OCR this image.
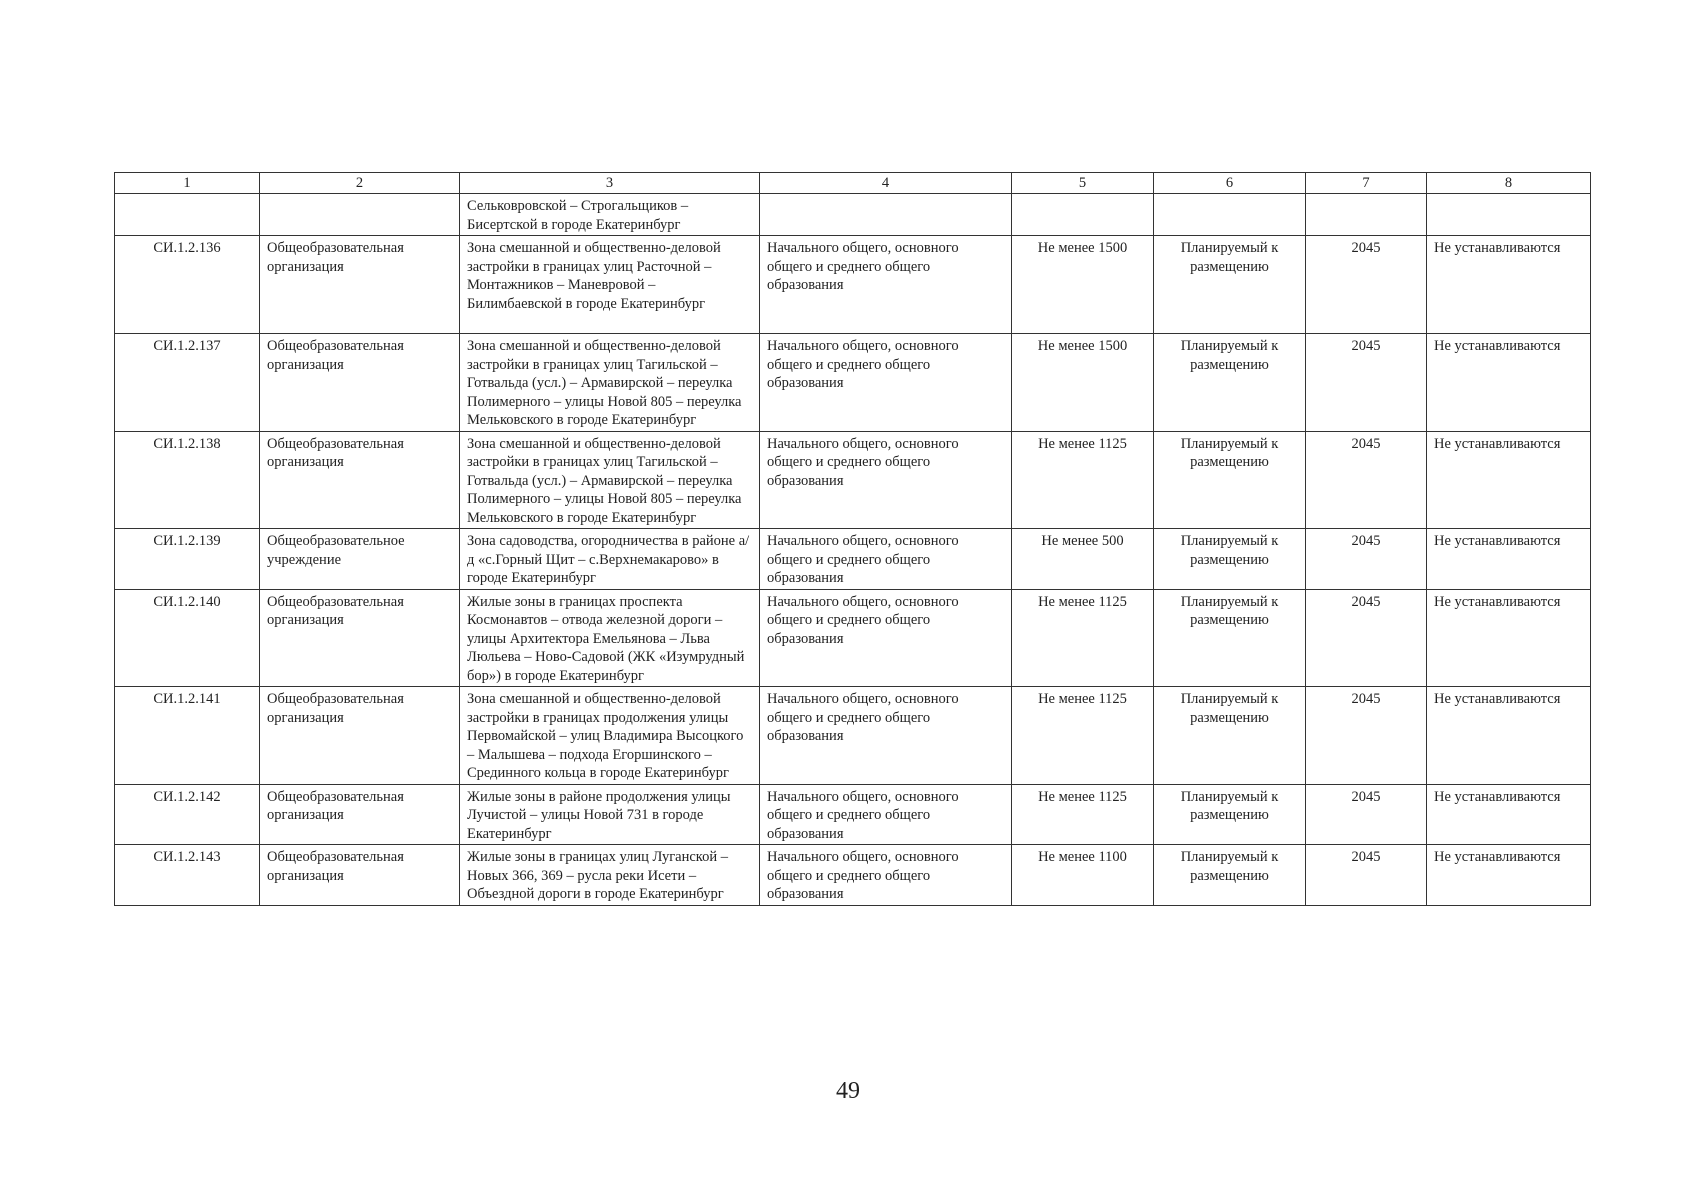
1	2	3	4	5	6	7	8
		Сельковровской – Строгальщиков – Бисертской в городе Екатеринбург					
СИ.1.2.136	Общеобразовательная организация	Зона смешанной и общественно-деловой застройки в границах улиц Расточной – Монтажников – Маневровой – Билимбаевской в городе Екатеринбург	Начального общего, основного общего и среднего общего образования	Не менее 1500	Планируемый к размещению	2045	Не устанавливаются
СИ.1.2.137	Общеобразовательная организация	Зона смешанной и общественно-деловой застройки в границах улиц Тагильской – Готвальда (усл.) – Армавирской – переулка Полимерного – улицы Новой 805 – переулка Мельковского в городе Екатеринбург	Начального общего, основного общего и среднего общего образования	Не менее 1500	Планируемый к размещению	2045	Не устанавливаются
СИ.1.2.138	Общеобразовательная организация	Зона смешанной и общественно-деловой застройки в границах улиц Тагильской – Готвальда (усл.) – Армавирской – переулка Полимерного – улицы Новой 805 – переулка Мельковского в городе Екатеринбург	Начального общего, основного общего и среднего общего образования	Не менее 1125	Планируемый к размещению	2045	Не устанавливаются
СИ.1.2.139	Общеобразовательное учреждение	Зона садоводства, огородничества в районе а/д «с.Горный Щит – с.Верхнемакарово» в городе Екатеринбург	Начального общего, основного общего и среднего общего образования	Не менее 500	Планируемый к размещению	2045	Не устанавливаются
СИ.1.2.140	Общеобразовательная организация	Жилые зоны в границах проспекта Космонавтов – отвода железной дороги – улицы Архитектора Емельянова – Льва Люльева – Ново-Садовой (ЖК «Изумрудный бор») в городе Екатеринбург	Начального общего, основного общего и среднего общего образования	Не менее 1125	Планируемый к размещению	2045	Не устанавливаются
СИ.1.2.141	Общеобразовательная организация	Зона смешанной и общественно-деловой застройки в границах продолжения улицы Первомайской – улиц Владимира Высоцкого – Малышева – подхода Егоршинского – Срединного кольца в городе Екатеринбург	Начального общего, основного общего и среднего общего образования	Не менее 1125	Планируемый к размещению	2045	Не устанавливаются
СИ.1.2.142	Общеобразовательная организация	Жилые зоны в районе продолжения улицы Лучистой – улицы Новой 731 в городе Екатеринбург	Начального общего, основного общего и среднего общего образования	Не менее 1125	Планируемый к размещению	2045	Не устанавливаются
СИ.1.2.143	Общеобразовательная организация	Жилые зоны в границах улиц Луганской – Новых 366, 369 – русла реки Исети – Объездной дороги в городе Екатеринбург	Начального общего, основного общего и среднего общего образования	Не менее 1100	Планируемый к размещению	2045	Не устанавливаются
49
